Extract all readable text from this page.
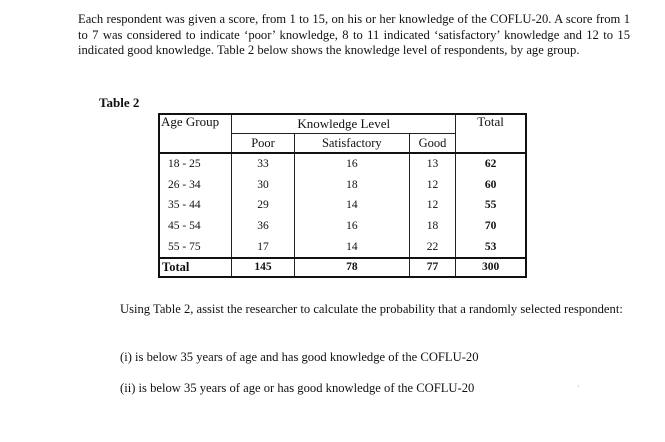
Each respondent was given a score, from 1 to 15, on his or her knowledge of the COFLU-20. A score from 1 to 7 was considered to indicate ‘poor’ knowledge, 8 to 11 indicated ‘satisfactory’ knowledge and 12 to 15 indicated good knowledge. Table 2 below shows the knowledge level of respondents, by age group.

Table 2
Age Group	Knowledge Level			Total
	Poor	Satisfactory	Good	
18 - 25	33	16	13	62
26 - 34	30	18	12	60
35 - 44	29	14	12	55
45 - 54	36	16	18	70
55 - 75	17	14	22	53
Total	145	78	77	300

Using Table 2, assist the researcher to calculate the probability that a randomly selected respondent:

(i) is below 35 years of age and has good knowledge of the COFLU-20
(ii) is below 35 years of age or has good knowledge of the COFLU-20	·
